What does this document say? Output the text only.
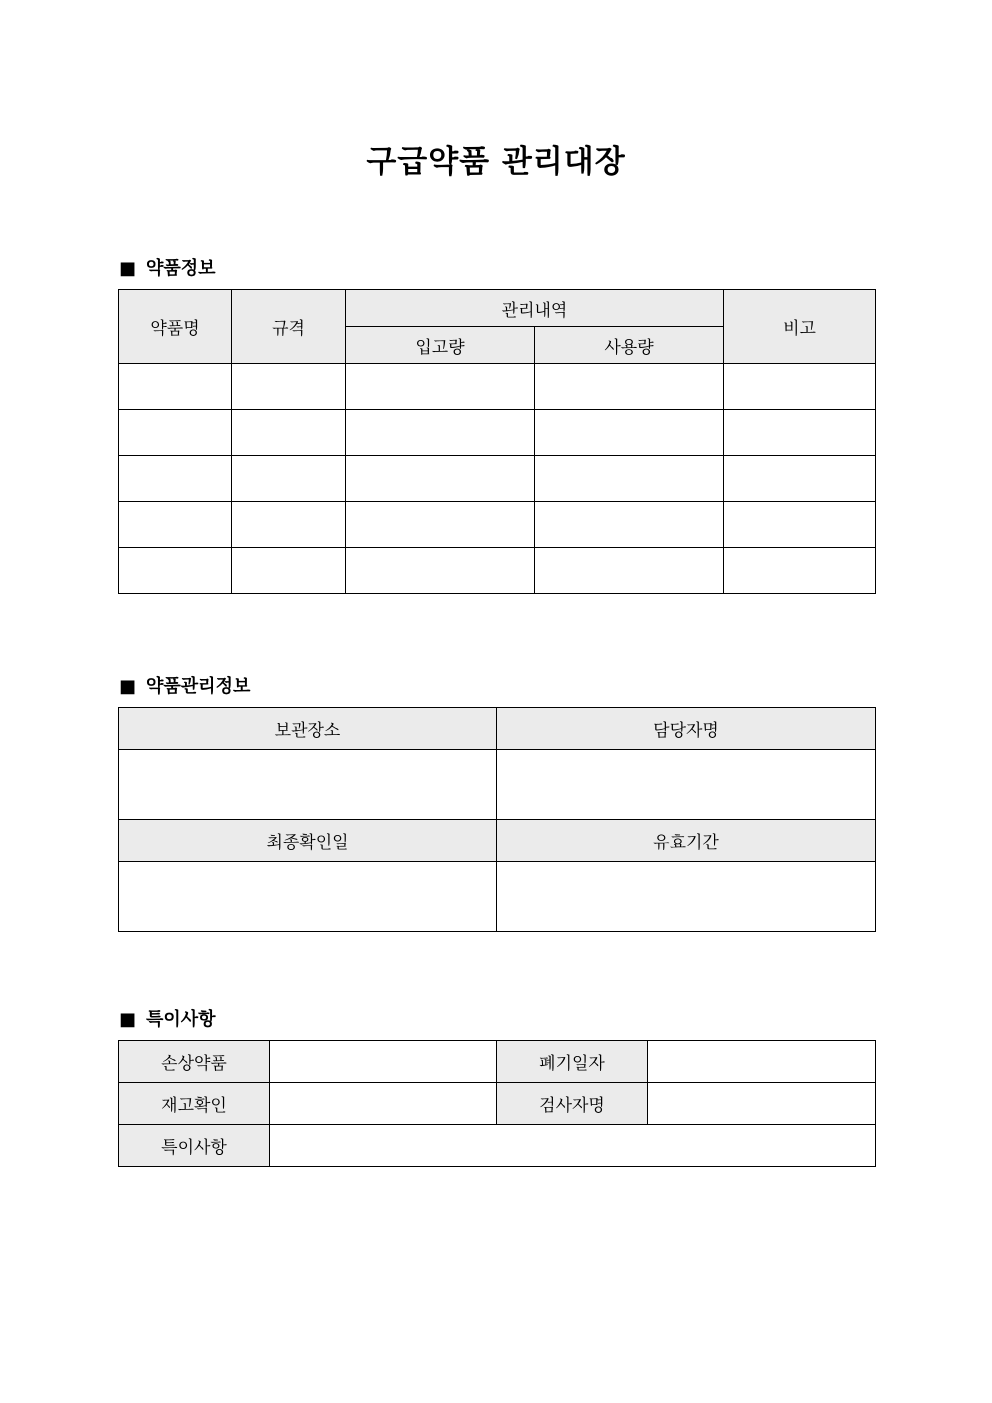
구급약품 관리대장
■ 약품정보
약품명	규격	관리내역		비고
		입고량	사용량	

■ 약품관리정보
보관장소	담당자명

최종확인일	유효기간

■ 특이사항
손상약품		폐기일자	
재고확인		검사자명	
특이사항			
